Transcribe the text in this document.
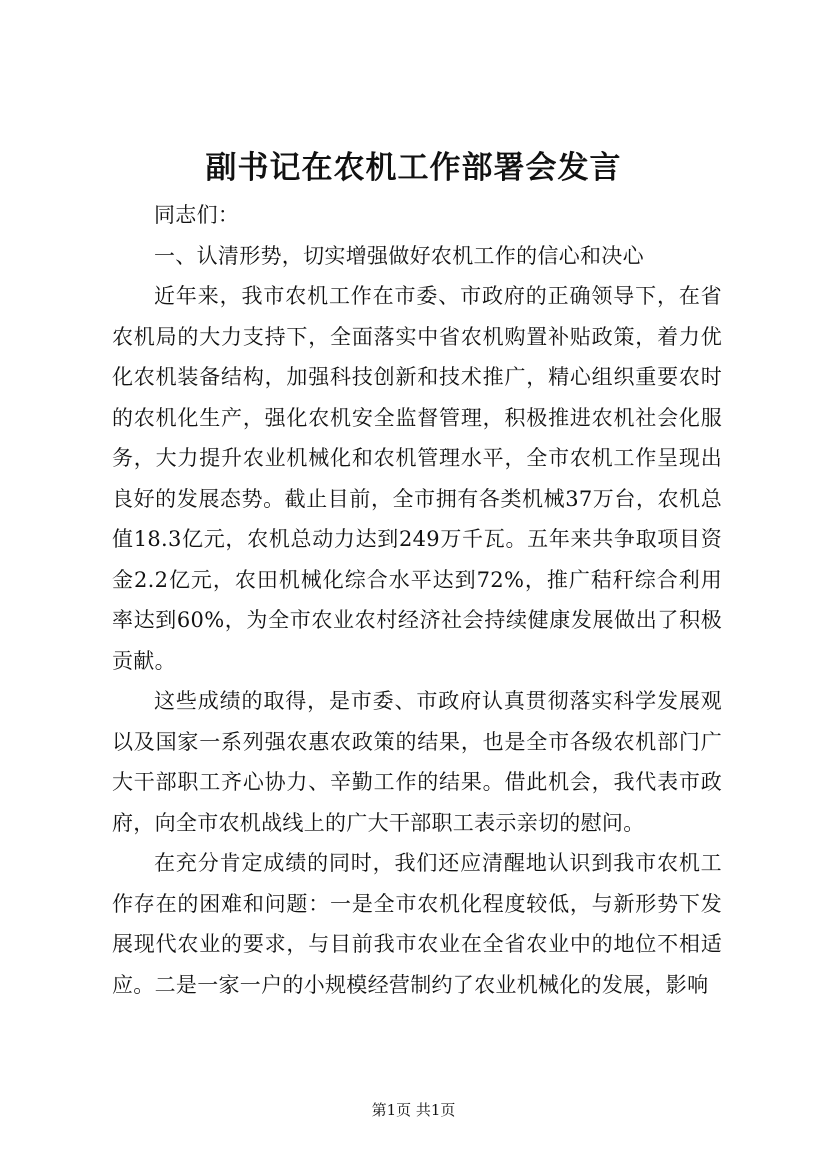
副书记在农机工作部署会发言

同志们：

一、认清形势，切实增强做好农机工作的信心和决心

近年来，我市农机工作在市委、市政府的正确领导下，在省农机局的大力支持下，全面落实中省农机购置补贴政策，着力优化农机装备结构，加强科技创新和技术推广，精心组织重要农时的农机化生产，强化农机安全监督管理，积极推进农机社会化服务，大力提升农业机械化和农机管理水平，全市农机工作呈现出良好的发展态势。截止目前，全市拥有各类机械37万台，农机总值18.3亿元，农机总动力达到249万千瓦。五年来共争取项目资金2.2亿元，农田机械化综合水平达到72%，推广秸秆综合利用率达到60%，为全市农业农村经济社会持续健康发展做出了积极贡献。

这些成绩的取得，是市委、市政府认真贯彻落实科学发展观以及国家一系列强农惠农政策的结果，也是全市各级农机部门广大干部职工齐心协力、辛勤工作的结果。借此机会，我代表市政府，向全市农机战线上的广大干部职工表示亲切的慰问。

在充分肯定成绩的同时，我们还应清醒地认识到我市农机工作存在的困难和问题：一是全市农机化程度较低，与新形势下发展现代农业的要求，与目前我市农业在全省农业中的地位不相适应。二是一家一户的小规模经营制约了农业机械化的发展，影响

第1页 共1页
